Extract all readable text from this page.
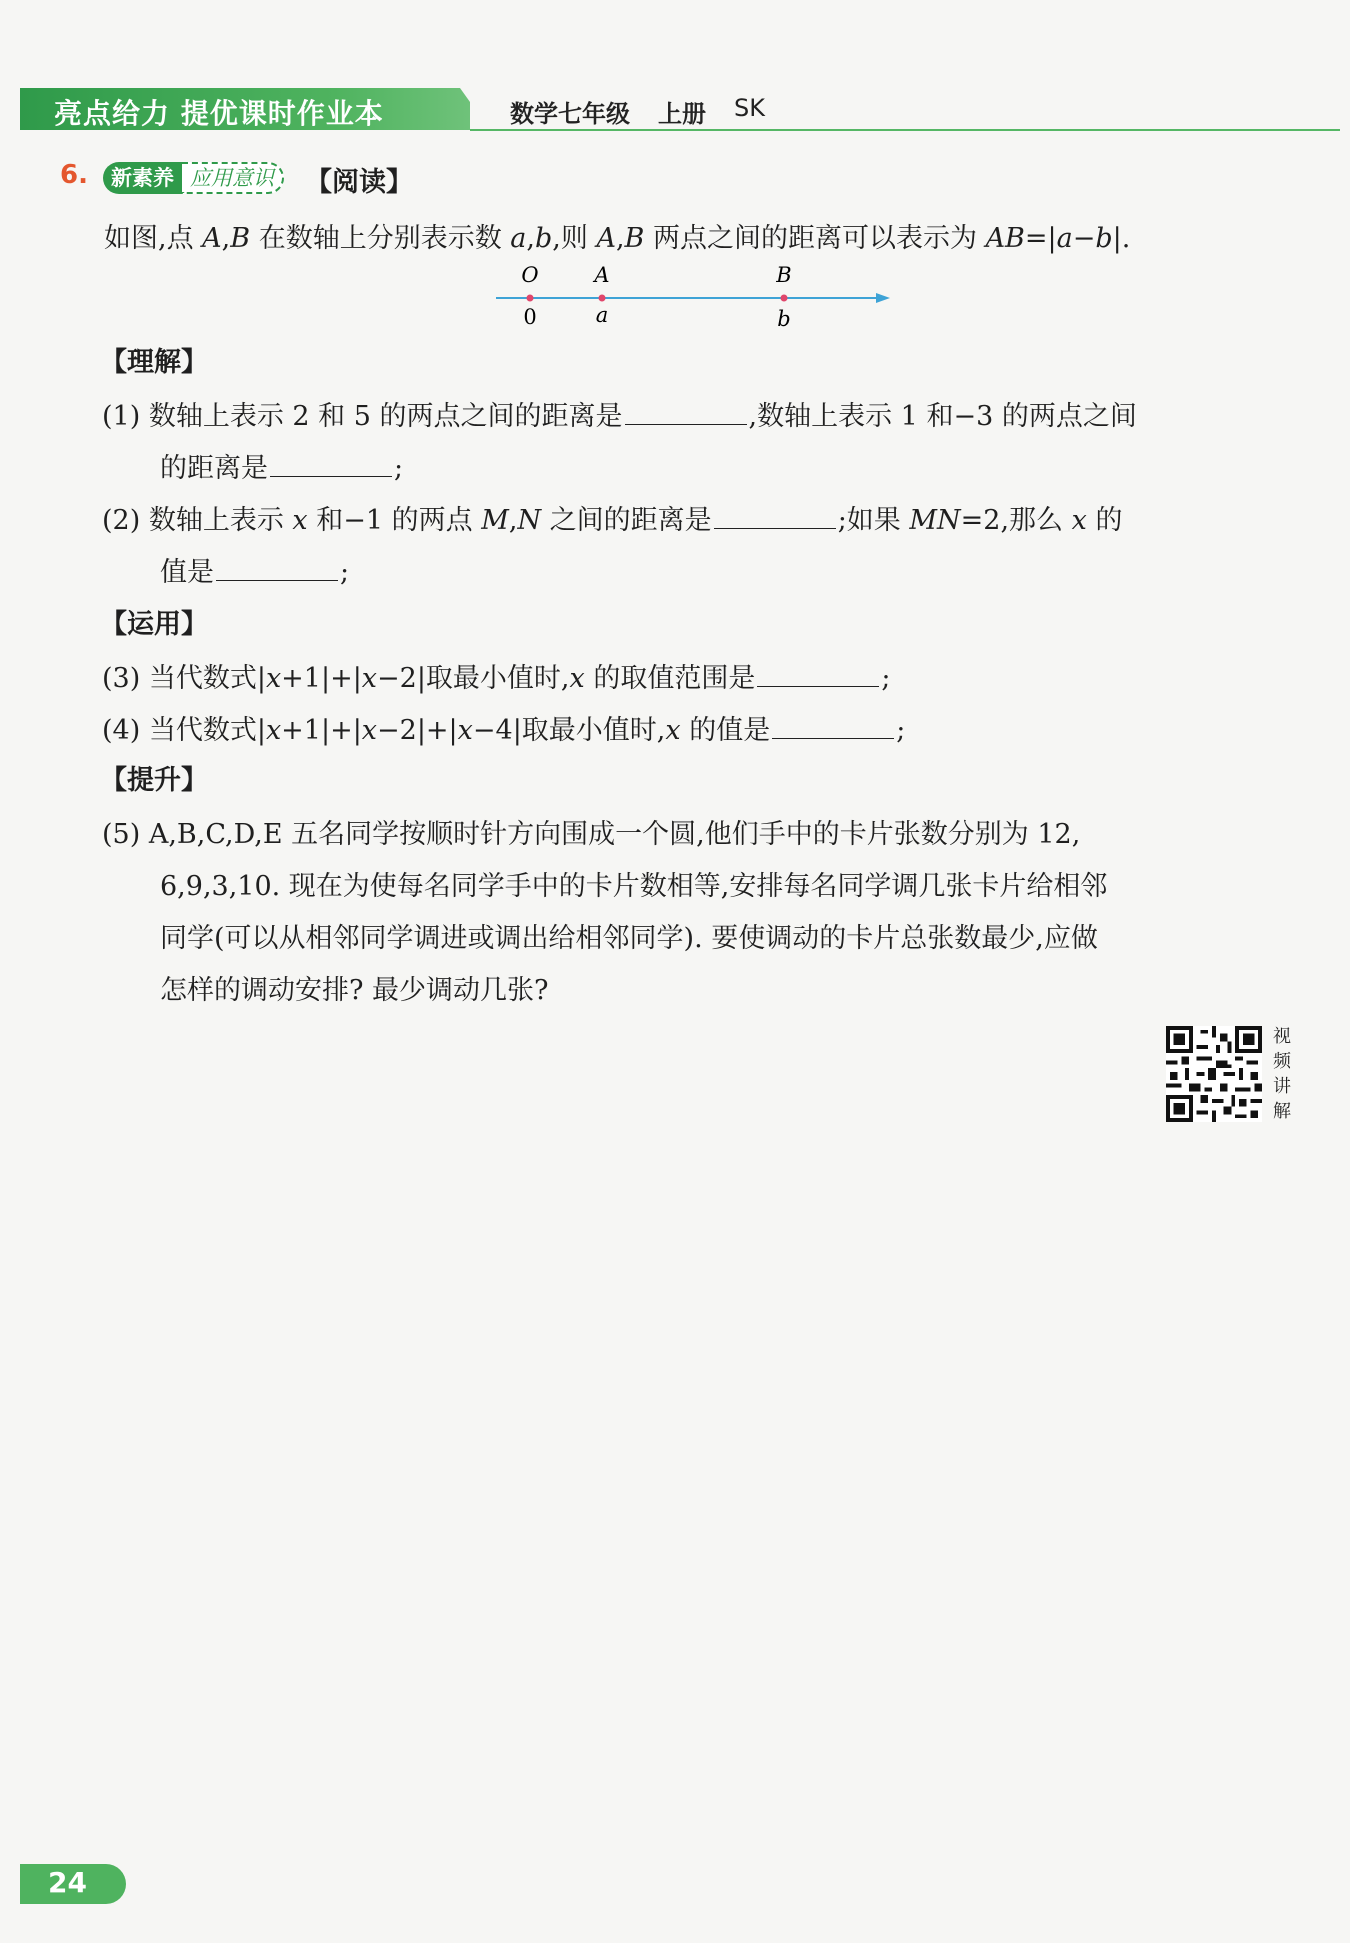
亮点给力 提优课时作业本	数学七年级 上册 SK
6.	新素养 应用意识	【阅读】
如图,点 A,B 在数轴上分别表示数 a,b,则 A,B 两点之间的距离可以表示为 AB=|a−b|.
O	A	B
0	a	b
【理解】
(1) 数轴上表示 2 和 5 的两点之间的距离是	,数轴上表示 1 和−3 的两点之间
的距离是	;
(2) 数轴上表示 x 和−1 的两点 M,N 之间的距离是	;如果 MN=2,那么 x 的
值是	;
【运用】
(3) 当代数式|x+1|+|x−2|取最小值时,x 的取值范围是	;
(4) 当代数式|x+1|+|x−2|+|x−4|取最小值时,x 的值是	;
【提升】
(5) A,B,C,D,E 五名同学按顺时针方向围成一个圆,他们手中的卡片张数分别为 12,
6,9,3,10. 现在为使每名同学手中的卡片数相等,安排每名同学调几张卡片给相邻
同学(可以从相邻同学调进或调出给相邻同学). 要使调动的卡片总张数最少,应做
怎样的调动安排? 最少调动几张?
视
频
讲
解
24
